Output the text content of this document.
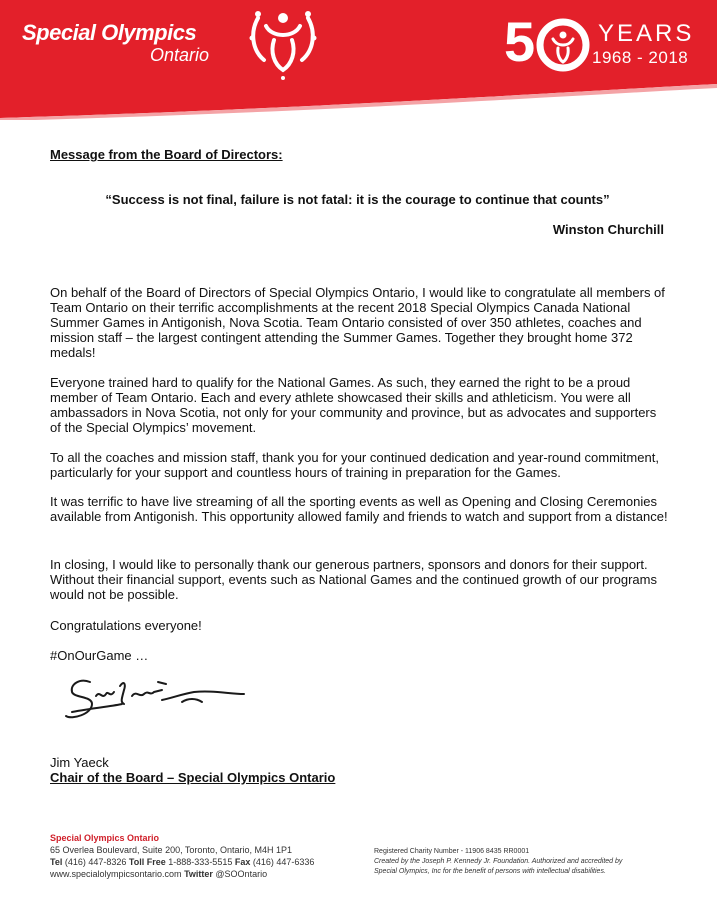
Special Olympics
Ontario	5	YEARS
1968 - 2018
Message from the Board of Directors:
“Success is not final, failure is not fatal: it is the courage to continue that counts”
Winston Churchill

On behalf of the Board of Directors of Special Olympics Ontario, I would like to congratulate all members of Team Ontario on their terrific accomplishments at the recent 2018 Special Olympics Canada National Summer Games in Antigonish, Nova Scotia. Team Ontario consisted of over 350 athletes, coaches and mission staff – the largest contingent attending the Summer Games. Together they brought home 372 medals!

Everyone trained hard to qualify for the National Games. As such, they earned the right to be a proud member of Team Ontario. Each and every athlete showcased their skills and athleticism. You were all ambassadors in Nova Scotia, not only for your community and province, but as advocates and supporters of the Special Olympics’ movement.

To all the coaches and mission staff, thank you for your continued dedication and year-round commitment, particularly for your support and countless hours of training in preparation for the Games.

It was terrific to have live streaming of all the sporting events as well as Opening and Closing Ceremonies available from Antigonish. This opportunity allowed family and friends to watch and support from a distance!

In closing, I would like to personally thank our generous partners, sponsors and donors for their support. Without their financial support, events such as National Games and the continued growth of our programs would not be possible.

Congratulations everyone!

#OnOurGame …

Jim Yaeck
Chair of the Board – Special Olympics Ontario
Special Olympics Ontario
65 Overlea Boulevard, Suite 200, Toronto, Ontario, M4H 1P1
Tel (416) 447-8326 Toll Free 1-888-333-5515 Fax (416) 447-6336
www.specialolympicsontario.com Twitter @SOOntario
Registered Charity Number - 11906 8435 RR0001
Created by the Joseph P. Kennedy Jr. Foundation. Authorized and accredited by
Special Olympics, Inc for the benefit of persons with intellectual disabilities.
